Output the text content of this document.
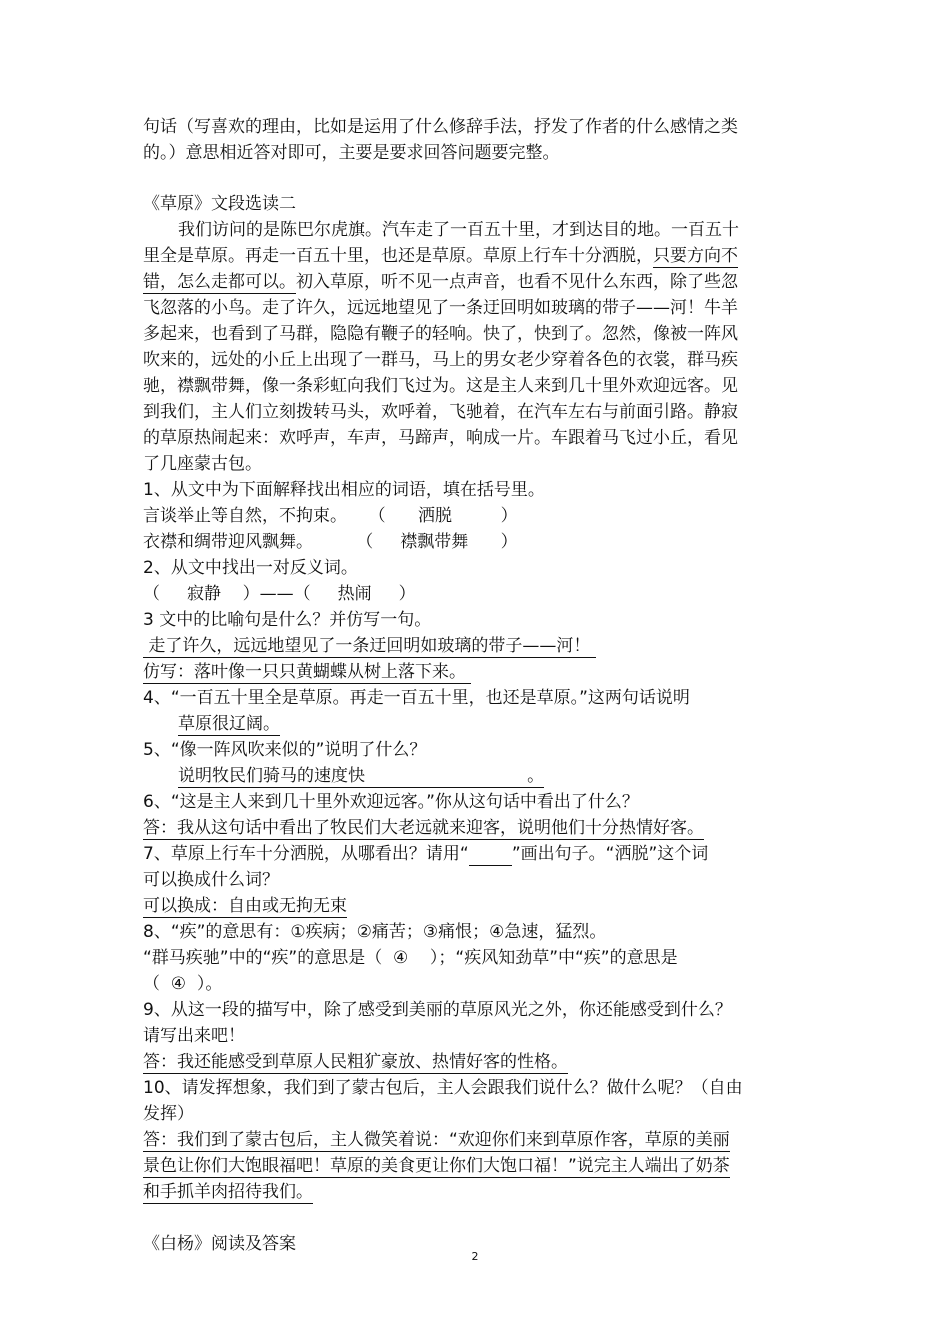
句话（写喜欢的理由，比如是运用了什么修辞手法，抒发了作者的什么感情之类
的。）意思相近答对即可，主要是要求回答问题要完整。
《草原》文段选读二
我们访问的是陈巴尔虎旗。汽车走了一百五十里，才到达目的地。一百五十
里全是草原。再走一百五十里，也还是草原。草原上行车十分洒脱，只要方向不
错，怎么走都可以。初入草原，听不见一点声音，也看不见什么东西，除了些忽
飞忽落的小鸟。走了许久，远远地望见了一条迂回明如玻璃的带子——河！牛羊
多起来，也看到了马群，隐隐有鞭子的轻响。快了，快到了。忽然，像被一阵风
吹来的，远处的小丘上出现了一群马，马上的男女老少穿着各色的衣裳，群马疾
驰，襟飘带舞，像一条彩虹向我们飞过为。这是主人来到几十里外欢迎远客。见
到我们，主人们立刻拨转马头，欢呼着，飞驰着，在汽车左右与前面引路。静寂
的草原热闹起来：欢呼声，车声，马蹄声，响成一片。车跟着马飞过小丘，看见
了几座蒙古包。
1、从文中为下面解释找出相应的词语，填在括号里。
言谈举止等自然，不拘束。    （      洒脱         ）
衣襟和绸带迎风飘舞。        （     襟飘带舞      ）
2、从文中找出一对反义词。
（     寂静    ）——（     热闹     ）
3 文中的比喻句是什么？并仿写一句。
走了许久，远远地望见了一条迂回明如玻璃的带子——河！
仿写：落叶像一只只黄蝴蝶从树上落下来。
4、“一百五十里全是草原。再走一百五十里，也还是草原。”这两句话说明
草原很辽阔。
5、“像一阵风吹来似的”说明了什么？
说明牧民们骑马的速度快                              。
6、“这是主人来到几十里外欢迎远客。”你从这句话中看出了什么？
答：我从这句话中看出了牧民们大老远就来迎客，说明他们十分热情好客。
7、草原上行车十分洒脱，从哪看出？请用“	”画出句子。“洒脱”这个词
可以换成什么词？
可以换成：自由或无拘无束
8、“疾”的意思有：①疾病；②痛苦；③痛恨；④急速，猛烈。
“群马疾驰”中的“疾”的意思是（  ④    ）；“疾风知劲草”中“疾”的意思是
（  ④  ）。
9、从这一段的描写中，除了感受到美丽的草原风光之外，你还能感受到什么？
请写出来吧！
答：我还能感受到草原人民粗犷豪放、热情好客的性格。
10、请发挥想象，我们到了蒙古包后，主人会跟我们说什么？做什么呢？（自由
发挥）
答：我们到了蒙古包后，主人微笑着说：“欢迎你们来到草原作客，草原的美丽
景色让你们大饱眼福吧！草原的美食更让你们大饱口福！”说完主人端出了奶茶
和手抓羊肉招待我们。
《白杨》阅读及答案
2
